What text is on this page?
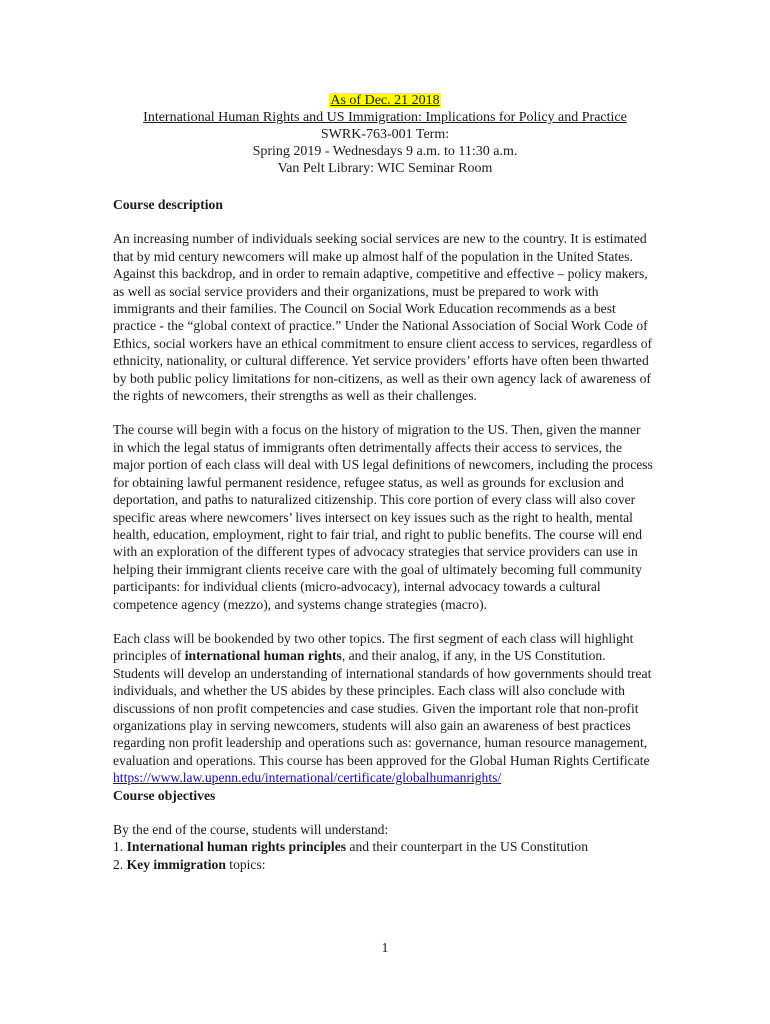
As of Dec. 21 2018
International Human Rights and US Immigration: Implications for Policy and Practice
SWRK-763-001 Term:
Spring 2019 - Wednesdays 9 a.m. to 11:30 a.m.
Van Pelt Library: WIC Seminar Room

Course description

An increasing number of individuals seeking social services are new to the country. It is estimated that by mid century newcomers will make up almost half of the population in the United States. Against this backdrop, and in order to remain adaptive, competitive and effective – policy makers, as well as social service providers and their organizations, must be prepared to work with immigrants and their families. The Council on Social Work Education recommends as a best practice - the “global context of practice.” Under the National Association of Social Work Code of Ethics, social workers have an ethical commitment to ensure client access to services, regardless of ethnicity, nationality, or cultural difference. Yet service providers’ efforts have often been thwarted by both public policy limitations for non-citizens, as well as their own agency lack of awareness of the rights of newcomers, their strengths as well as their challenges.

The course will begin with a focus on the history of migration to the US. Then, given the manner in which the legal status of immigrants often detrimentally affects their access to services, the major portion of each class will deal with US legal definitions of newcomers, including the process for obtaining lawful permanent residence, refugee status, as well as grounds for exclusion and deportation, and paths to naturalized citizenship. This core portion of every class will also cover specific areas where newcomers’ lives intersect on key issues such as the right to health, mental health, education, employment, right to fair trial, and right to public benefits. The course will end with an exploration of the different types of advocacy strategies that service providers can use in helping their immigrant clients receive care with the goal of ultimately becoming full community participants: for individual clients (micro-advocacy), internal advocacy towards a cultural competence agency (mezzo), and systems change strategies (macro).

Each class will be bookended by two other topics. The first segment of each class will highlight principles of international human rights, and their analog, if any, in the US Constitution. Students will develop an understanding of international standards of how governments should treat individuals, and whether the US abides by these principles. Each class will also conclude with discussions of non profit competencies and case studies. Given the important role that non-profit organizations play in serving newcomers, students will also gain an awareness of best practices regarding non profit leadership and operations such as: governance, human resource management, evaluation and operations. This course has been approved for the Global Human Rights Certificate

https://www.law.upenn.edu/international/certificate/globalhumanrights/

Course objectives

By the end of the course, students will understand:

1. International human rights principles and their counterpart in the US Constitution

2. Key immigration topics:

1
